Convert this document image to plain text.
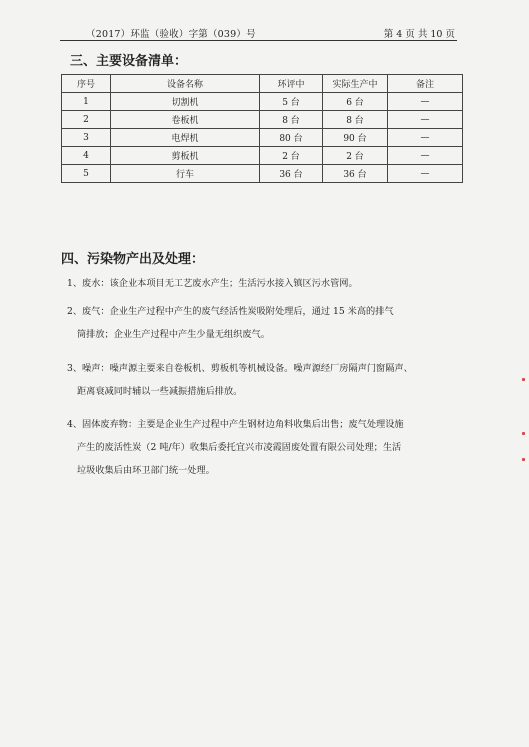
（2017）环监（验收）字第（039）号	第 4 页 共 10 页
三、主要设备清单：
序号	设备名称	环评中	实际生产中	备注
1	切割机	5 台	6 台	—
2	卷板机	8 台	8 台	—
3	电焊机	80 台	90 台	—
4	剪板机	2 台	2 台	—
5	行车	36 台	36 台	—
四、污染物产出及处理：
1、废水：该企业本项目无工艺废水产生；生活污水接入镇区污水管网。
2、废气：企业生产过程中产生的废气经活性炭吸附处理后，通过 15 米高的排气
筒排放；企业生产过程中产生少量无组织废气。
3、噪声：噪声源主要来自卷板机、剪板机等机械设备。噪声源经厂房隔声门窗隔声、
距离衰减同时辅以一些减振措施后排放。
4、固体废弃物：主要是企业生产过程中产生钢材边角料收集后出售；废气处理设施
产生的废活性炭（2 吨/年）收集后委托宜兴市凌霞固废处置有限公司处理；生活
垃圾收集后由环卫部门统一处理。
